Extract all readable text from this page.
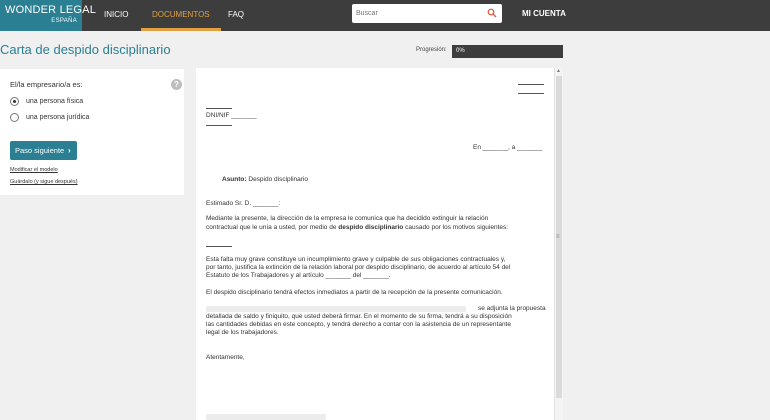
WONDER LEGAL
ESPAÑA
INICIO	DOCUMENTOS	FAQ
Buscar	MI CUENTA
Carta de despido disciplinario	Progresión: 0%
El/la empresario/a es:	?
una persona física
una persona jurídica
Paso siguiente ›
Modificar el modelo
Guárdalo (y sigue después)
DNI/NIF _______
En _______, a _______
Asunto: Despido disciplinario
Estimado Sr. D. _______:
Mediante la presente, la dirección de la empresa le comunica que ha decidido extinguir la relación
contractual que le unía a usted, por medio de despido disciplinario causado por los motivos siguientes:
Esta falta muy grave constituye un incumplimiento grave y culpable de sus obligaciones contractuales y,
por tanto, justifica la extinción de la relación laboral por despido disciplinario, de acuerdo al artículo 54 del
Estatuto de los Trabajadores y al artículo _______ del _______.
El despido disciplinario tendrá efectos inmediatos a partir de la recepción de la presente comunicación.
se adjunta la propuesta
detallada de saldo y finiquito, que usted deberá firmar. En el momento de su firma, tendrá a su disposición
las cantidades debidas en este concepto, y tendrá derecho a contar con la asistencia de un representante
legal de los trabajadores.
Atentamente,
▲
≡
